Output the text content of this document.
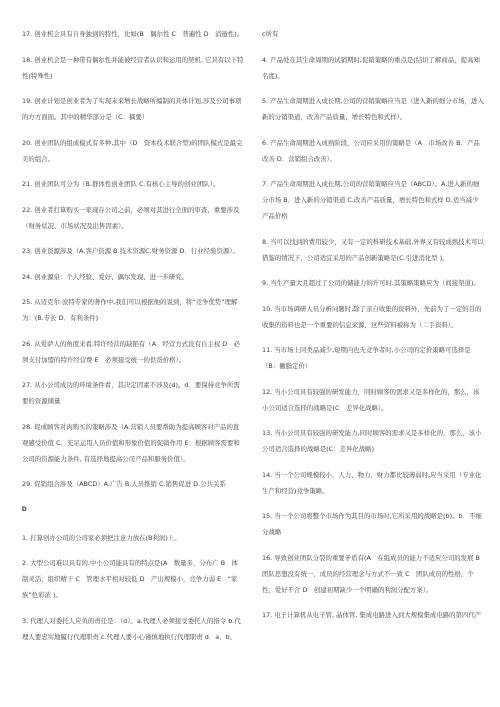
17. 创业机会具有自身独到的特性，比如(B　偶尔性 C　普遍性 D　消遁性)。

18. 创业机会是一种带有偶尔性并能被经营者认识和运用的契机, 它具有以下特性(特殊性)

19. 创业计划是创业者为了实现未来增长战略所编制的具体计划,涉及公司事项的方方面面。其中的精华部分是（C：摘要）

20. 创业团队的组成模式有多种,其中（D　资本技术联合型)的团队模式是最完美的组合。

21. 创业团队可分为（B.群体性创业团队 C.有核心主导的创业团队）。

22. 创业者打算购买一家现存公司之前，必须对其进行全面的审查，重要涉及（财务状况、市场状况及出售因素）。

23. 创业资源涉及（A.客户资源 B.技术资源C.财务资源 D．行业经验资源）。

24. 创业源泉：个人经验、爱好、偶尔发现、进一步研究。

25. 从迈克尔·波特专家的著作中,我们可以根据他的说到，将“竞争优势”理解为：(B.专长 D．有利条件)

26. 从爱萨人的角度来看,特许经营的缺陷有（A　经营方式没有自主权 D　必须支付加盟的特许经营费 E　必须接受统一的供货价格）。

27. 从小公司成功的环境条件看，其决定因素不涉及(d)。d．要保持竞争所需要的资源储量

28. 促成顾客对肉购买的策略涉及（A.营销人员要帮助为提高顾客对产品的直观感受价值 C．充足运用人员价值和形象价值的促销作用 E：根据顾客需要和公司的资源能力条件, 有选择地提高公司产品和服务价值）。

29. 促销组合涉及（ABCD）A.广告 B.人员推销 C.销售促进 D.公共关系

D

1. 打算创办公司的公司家必须把注意力放在(B利润)上。

2. 大型公司难以具有的,中小公司能具有的特点是(A　数量多，分布广 B　体制灵活，组织精干 C　管理水平相对较低 D　产出规模小，竞争力弱 E　“家族”色彩浓 )。

3. 代理人对委托人应负的责任是：（d）。a.代理人必须接受委托人的指令 b.代理人要忠实地履行代理职责 c.代理人要小心谨慎地执行代理职责 d．a、b、

c所有

4. 产品处在其生命周期的试销期时,促销策略的重点是(结识了解商品，提高知名度)。

5. 产品生命周期进入成长期,公司的营销策略应当是（进入新的细分市场，进入新的分销渠道，改善产品质量，增长特色和式样）。

6. 产品生命周期进入成熟阶段，公司应采用的策略是（A　市场改善 B．产品改善 D．营销组合改善）。

7. 产品生命周期进入成长期,公司的营销策略应当是（ABCD）。A.进入新的细分市场 B．进入新的分销渠道 C.改善产品质量，增长特色和式样 D.适当减少产品价格

8. 当可以找到的费用较少，又有一定的科研技术基础,外界又有较成熟技术可以借鉴的情况下，公司适宜采用的产品创新策略是(C.引进消化型 )。

9. 当生产量大且超过了公司的储能力的许可时,其策略策略应为（间接渠道)。

10. 当市场调研人员分析问题时,除了亲自收集的资料外，先前为了一定的目的收集的资料也是一个重要的信息来源，这些资料被称为（二手资料）。

11. 当市场上同类品减少,短期内也无竞争者时,小公司的定价策略可选择是（B：撇脂定价）

12. 当小公司具有较强的研发能力，同时顾客的需求又是多样化的，那么，该小公司适合选择的战略是(C　差异化战略）。

13. 当小公司具有较强的研发能力,同时顾客的需求又是多样化的，那么，该小公司适合选择的战略是(C：差异化战略)

14. 当一个公司规模较小，人力、物力、财力都比较薄弱时,应当采用（专业化生产和经营)竞争策略。

15. 当一个公司将整个市场作为其目的市场时,它所采用的战略是(b)。b．不细分战略

16. 导致创业团队分裂的重要矛盾有(A　在组成员的能力不适应公司的发展 B　团队思想没有统一，成员的经营理念与方式不一致 C　团队成员的性格，个性、爱好不合 D　创建初期缺少一个明确的利润分配方案）。

17. 电子计算机从电子管, 晶体管, 集成电路进入到大规模集成电路的第四代产
